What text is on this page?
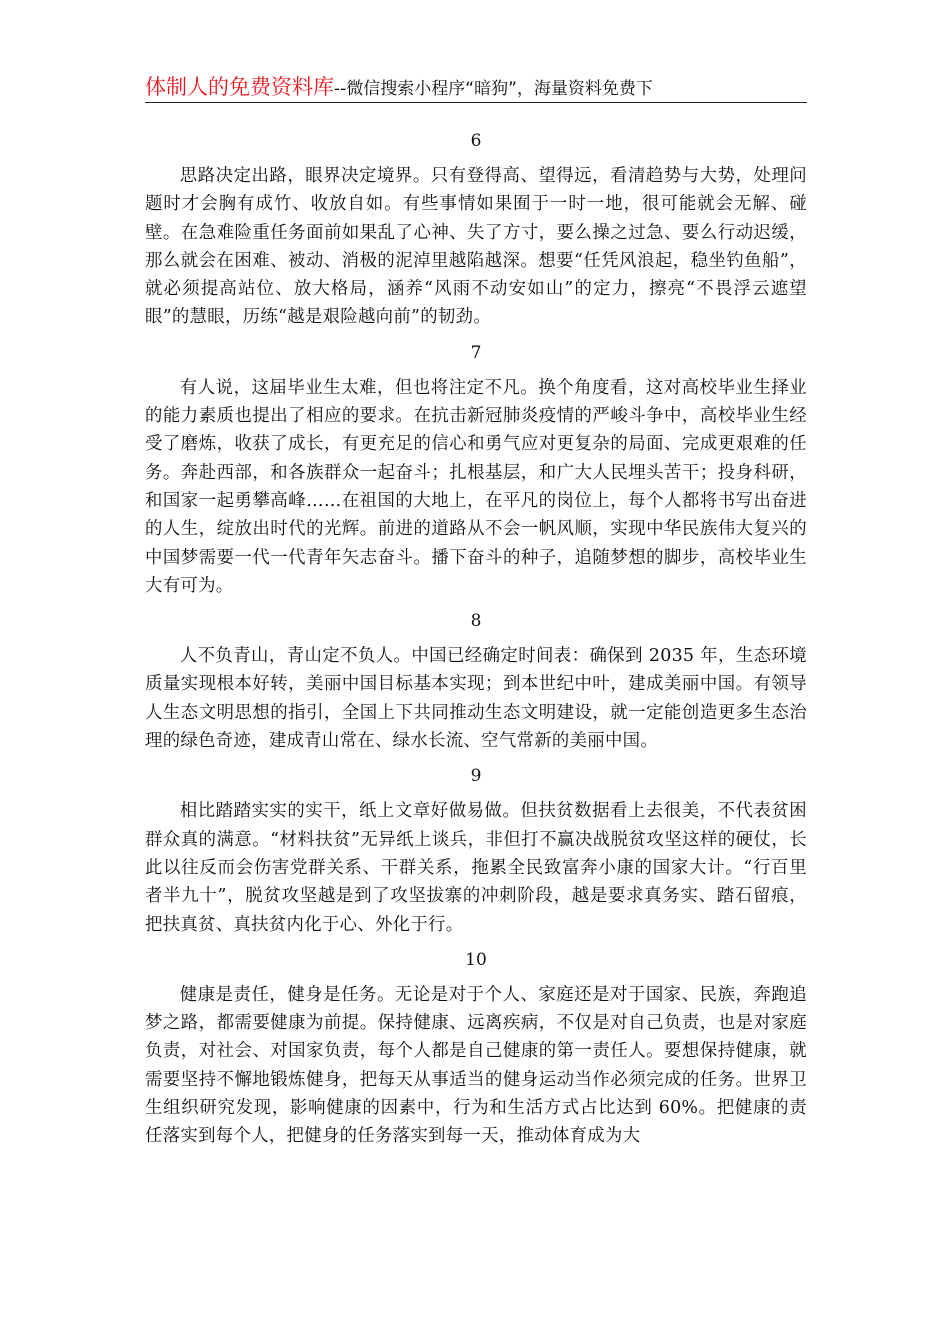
体制人的免费资料库--微信搜索小程序“暗狗”，海量资料免费下
6

思路决定出路，眼界决定境界。只有登得高、望得远，看清趋势与大势，处理问题时才会胸有成竹、收放自如。有些事情如果囿于一时一地，很可能就会无解、碰壁。在急难险重任务面前如果乱了心神、失了方寸，要么操之过急、要么行动迟缓，那么就会在困难、被动、消极的泥淖里越陷越深。想要“任凭风浪起，稳坐钓鱼船”，就必须提高站位、放大格局，涵养“风雨不动安如山”的定力，擦亮“不畏浮云遮望眼”的慧眼，历练“越是艰险越向前”的韧劲。

7

有人说，这届毕业生太难，但也将注定不凡。换个角度看，这对高校毕业生择业的能力素质也提出了相应的要求。在抗击新冠肺炎疫情的严峻斗争中，高校毕业生经受了磨炼，收获了成长，有更充足的信心和勇气应对更复杂的局面、完成更艰难的任务。奔赴西部，和各族群众一起奋斗；扎根基层，和广大人民埋头苦干；投身科研，和国家一起勇攀高峰……在祖国的大地上，在平凡的岗位上，每个人都将书写出奋进的人生，绽放出时代的光辉。前进的道路从不会一帆风顺，实现中华民族伟大复兴的中国梦需要一代一代青年矢志奋斗。播下奋斗的种子，追随梦想的脚步，高校毕业生大有可为。

8

人不负青山，青山定不负人。中国已经确定时间表：确保到 2035 年，生态环境质量实现根本好转，美丽中国目标基本实现；到本世纪中叶，建成美丽中国。有领导人生态文明思想的指引，全国上下共同推动生态文明建设，就一定能创造更多生态治理的绿色奇迹，建成青山常在、绿水长流、空气常新的美丽中国。

9

相比踏踏实实的实干，纸上文章好做易做。但扶贫数据看上去很美，不代表贫困群众真的满意。“材料扶贫”无异纸上谈兵，非但打不赢决战脱贫攻坚这样的硬仗，长此以往反而会伤害党群关系、干群关系，拖累全民致富奔小康的国家大计。“行百里者半九十”，脱贫攻坚越是到了攻坚拔寨的冲刺阶段，越是要求真务实、踏石留痕，把扶真贫、真扶贫内化于心、外化于行。

10

健康是责任，健身是任务。无论是对于个人、家庭还是对于国家、民族，奔跑追梦之路，都需要健康为前提。保持健康、远离疾病，不仅是对自己负责，也是对家庭负责，对社会、对国家负责，每个人都是自己健康的第一责任人。要想保持健康，就需要坚持不懈地锻炼健身，把每天从事适当的健身运动当作必须完成的任务。世界卫生组织研究发现，影响健康的因素中，行为和生活方式占比达到 60%。把健康的责任落实到每个人，把健身的任务落实到每一天，推动体育成为大
